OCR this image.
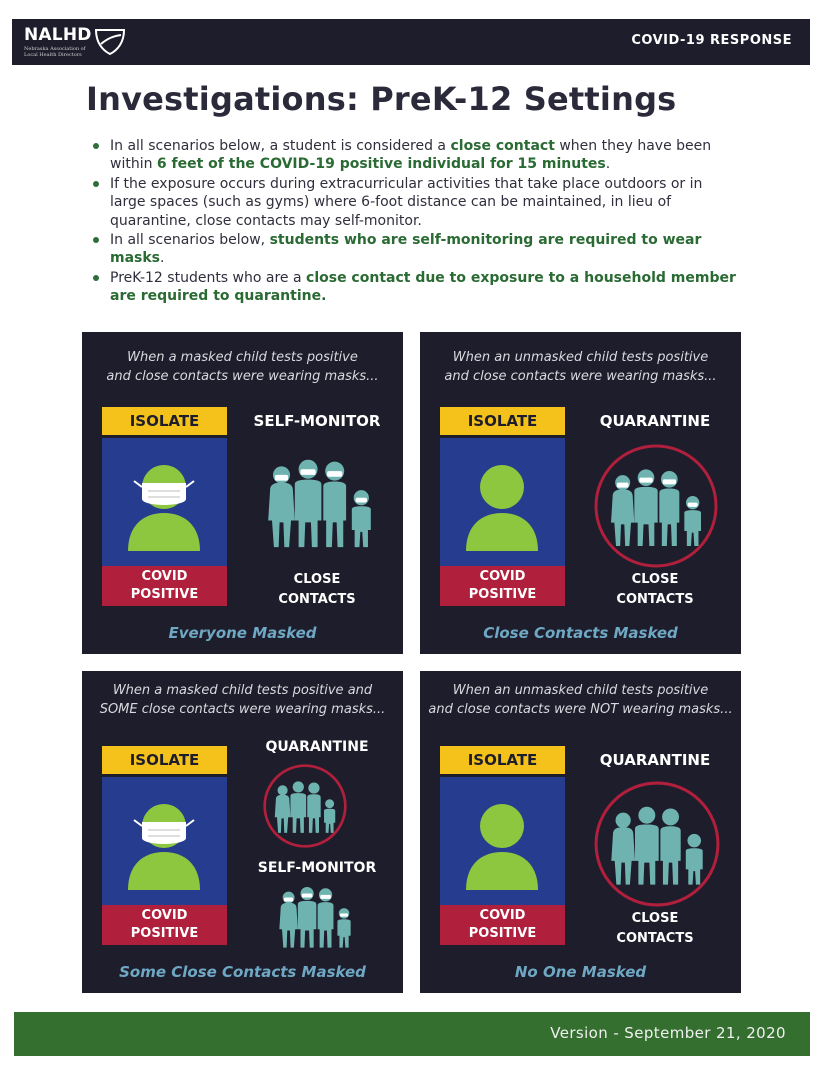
NALHD
Nebraska Association of Local Health Directors
COVID-19 RESPONSE
Investigations: PreK-12 Settings
In all scenarios below, a student is considered a close contact when they have been within 6 feet of the COVID-19 positive individual for 15 minutes.
If the exposure occurs during extracurricular activities that take place outdoors or in large spaces (such as gyms) where 6-foot distance can be maintained, in lieu of quarantine, close contacts may self-monitor.
In all scenarios below, students who are self-monitoring are required to wear masks.
PreK-12 students who are a close contact due to exposure to a household member are required to quarantine.
When a masked child tests positive
and close contacts were wearing masks...
ISOLATE
COVID
POSITIVE
SELF-MONITOR
CLOSE
CONTACTS
Everyone Masked
When an unmasked child tests positive
and close contacts were wearing masks...
ISOLATE
COVID
POSITIVE
QUARANTINE
CLOSE
CONTACTS
Close Contacts Masked
When a masked child tests positive and
SOME close contacts were wearing masks...
ISOLATE
COVID
POSITIVE
QUARANTINE
SELF-MONITOR
Some Close Contacts Masked
When an unmasked child tests positive
and close contacts were NOT wearing masks...
ISOLATE
COVID
POSITIVE
QUARANTINE
CLOSE
CONTACTS
No One Masked
Version - September 21, 2020
